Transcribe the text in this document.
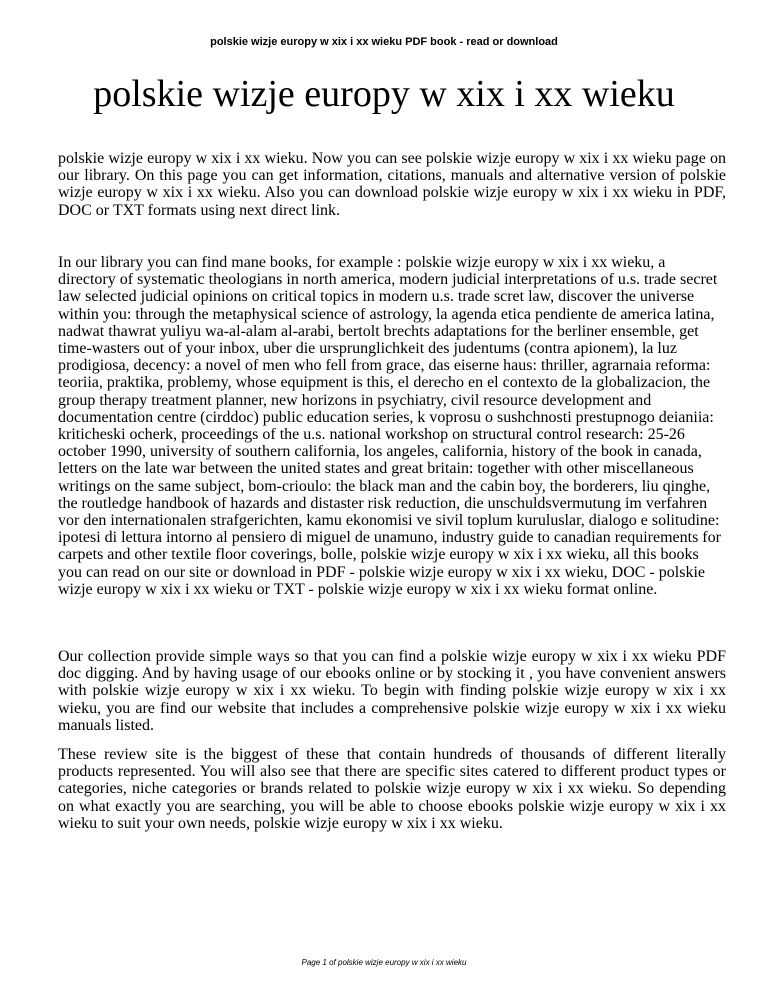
polskie wizje europy w xix i xx wieku PDF book - read or download
polskie wizje europy w xix i xx wieku

polskie wizje europy w xix i xx wieku. Now you can see polskie wizje europy w xix i xx wieku page on our library. On this page you can get information, citations, manuals and alternative version of polskie wizje europy w xix i xx wieku. Also you can download polskie wizje europy w xix i xx wieku in PDF, DOC or TXT formats using next direct link.

In our library you can find mane books, for example : polskie wizje europy w xix i xx wieku, a directory of systematic theologians in north america, modern judicial interpretations of u.s. trade secret law selected judicial opinions on critical topics in modern u.s. trade scret law, discover the universe within you: through the metaphysical science of astrology, la agenda etica pendiente de america latina, nadwat thawrat yuliyu wa-al-alam al-arabi, bertolt brechts adaptations for the berliner ensemble, get time-wasters out of your inbox, uber die ursprunglichkeit des judentums (contra apionem), la luz prodigiosa, decency: a novel of men who fell from grace, das eiserne haus: thriller, agrarnaia reforma: teoriia, praktika, problemy, whose equipment is this, el derecho en el contexto de la globalizacion, the group therapy treatment planner, new horizons in psychiatry, civil resource development and documentation centre (cirddoc) public education series, k voprosu o sushchnosti prestupnogo deianiia: kriticheski ocherk, proceedings of the u.s. national workshop on structural control research: 25-26 october 1990, university of southern california, los angeles, california, history of the book in canada, letters on the late war between the united states and great britain: together with other miscellaneous writings on the same subject, bom-crioulo: the black man and the cabin boy, the borderers, liu qinghe, the routledge handbook of hazards and distaster risk reduction, die unschuldsvermutung im verfahren vor den internationalen strafgerichten, kamu ekonomisi ve sivil toplum kuruluslar, dialogo e solitudine: ipotesi di lettura intorno al pensiero di miguel de unamuno, industry guide to canadian requirements for carpets and other textile floor coverings, bolle, polskie wizje europy w xix i xx wieku, all this books you can read on our site or download in PDF - polskie wizje europy w xix i xx wieku, DOC - polskie wizje europy w xix i xx wieku or TXT - polskie wizje europy w xix i xx wieku format online.

Our collection provide simple ways so that you can find a polskie wizje europy w xix i xx wieku PDF doc digging. And by having usage of our ebooks online or by stocking it , you have convenient answers with polskie wizje europy w xix i xx wieku. To begin with finding polskie wizje europy w xix i xx wieku, you are find our website that includes a comprehensive polskie wizje europy w xix i xx wieku manuals listed.

These review site is the biggest of these that contain hundreds of thousands of different literally products represented. You will also see that there are specific sites catered to different product types or categories, niche categories or brands related to polskie wizje europy w xix i xx wieku. So depending on what exactly you are searching, you will be able to choose ebooks polskie wizje europy w xix i xx wieku to suit your own needs, polskie wizje europy w xix i xx wieku.

Page 1 of polskie wizje europy w xix i xx wieku
